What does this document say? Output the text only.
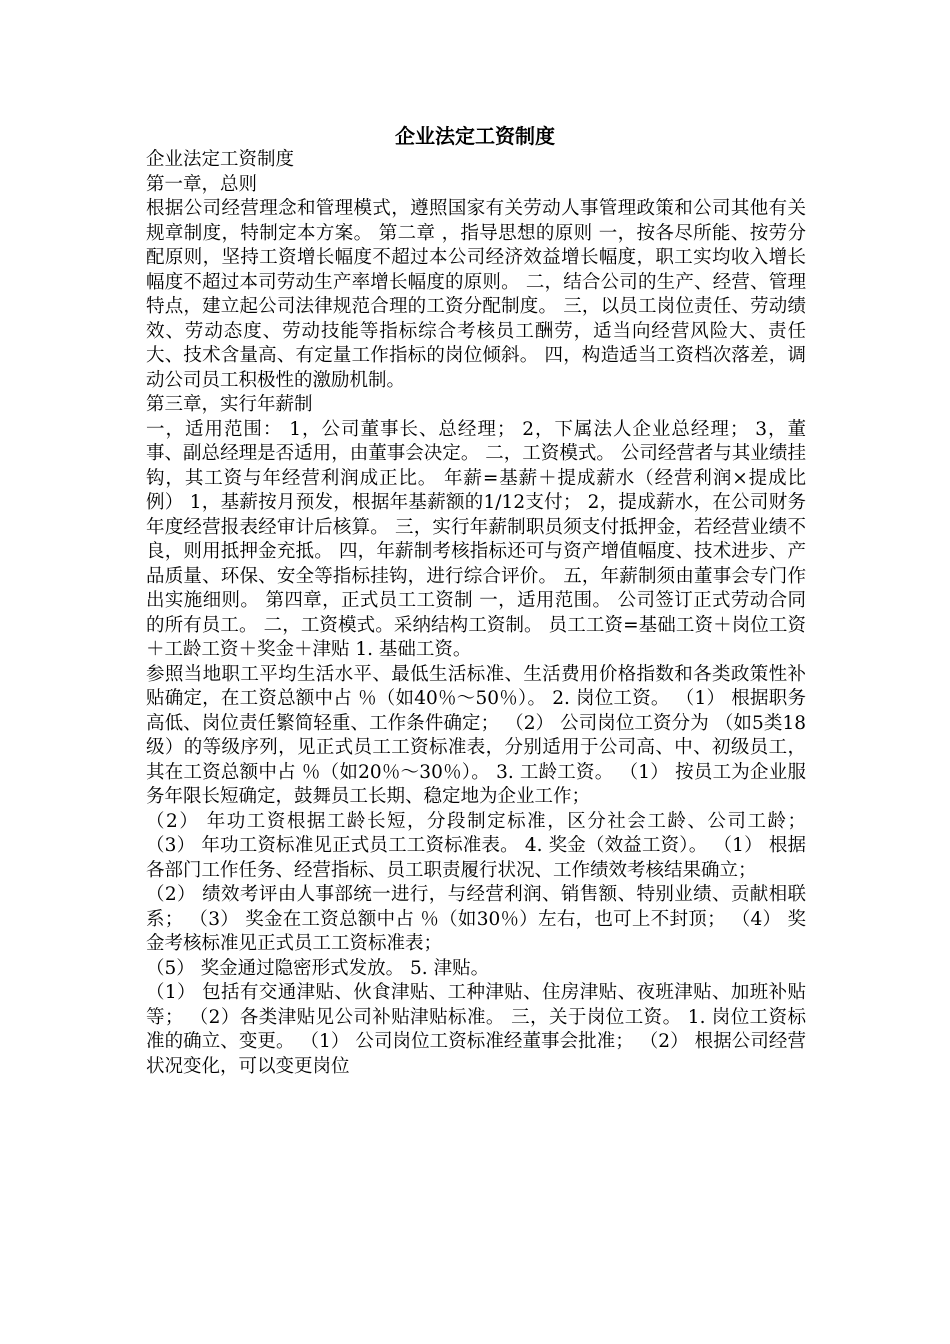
企业法定工资制度

企业法定工资制度

第一章，总则

根据公司经营理念和管理模式，遵照国家有关劳动人事管理政策和公司其他有关规章制度，特制定本方案。 第二章 ，指导思想的原则 一，按各尽所能、按劳分配原则，坚持工资增长幅度不超过本公司经济效益增长幅度，职工实均收入增长幅度不超过本司劳动生产率增长幅度的原则。 二，结合公司的生产、经营、管理特点，建立起公司法律规范合理的工资分配制度。 三，以员工岗位责任、劳动绩效、劳动态度、劳动技能等指标综合考核员工酬劳，适当向经营风险大、责任大、技术含量高、有定量工作指标的岗位倾斜。 四，构造适当工资档次落差，调动公司员工积极性的激励机制。

第三章，实行年薪制

一，适用范围： 1，公司董事长、总经理； 2，下属法人企业总经理； 3，董事、副总经理是否适用，由董事会决定。 二，工资模式。 公司经营者与其业绩挂钩，其工资与年经营利润成正比。 年薪=基薪＋提成薪水（经营利润×提成比例） 1，基薪按月预发，根据年基薪额的1/12支付； 2，提成薪水，在公司财务年度经营报表经审计后核算。 三，实行年薪制职员须支付抵押金，若经营业绩不良，则用抵押金充抵。 四，年薪制考核指标还可与资产增值幅度、技术进步、产品质量、环保、安全等指标挂钩，进行综合评价。 五，年薪制须由董事会专门作出实施细则。 第四章，正式员工工资制 一，适用范围。 公司签订正式劳动合同的所有员工。 二，工资模式。采纳结构工资制。 员工工资=基础工资＋岗位工资＋工龄工资＋奖金＋津贴 1. 基础工资。

参照当地职工平均生活水平、最低生活标准、生活费用价格指数和各类政策性补贴确定，在工资总额中占 ％（如40％～50％）。 2. 岗位工资。 （1） 根据职务高低、岗位责任繁简轻重、工作条件确定； （2） 公司岗位工资分为 （如5类18级）的等级序列，见正式员工工资标准表，分别适用于公司高、中、初级员工，其在工资总额中占 ％（如20％～30％）。 3. 工龄工资。 （1） 按员工为企业服务年限长短确定，鼓舞员工长期、稳定地为企业工作；

（2） 年功工资根据工龄长短，分段制定标准，区分社会工龄、公司工龄； （3） 年功工资标准见正式员工工资标准表。 4. 奖金（效益工资）。 （1） 根据各部门工作任务、经营指标、员工职责履行状况、工作绩效考核结果确立；

（2） 绩效考评由人事部统一进行，与经营利润、销售额、特别业绩、贡献相联系； （3） 奖金在工资总额中占 ％（如30％）左右，也可上不封顶； （4） 奖金考核标准见正式员工工资标准表；

（5） 奖金通过隐密形式发放。 5. 津贴。

（1） 包括有交通津贴、伙食津贴、工种津贴、住房津贴、夜班津贴、加班补贴等； （2）各类津贴见公司补贴津贴标准。 三，关于岗位工资。 1. 岗位工资标准的确立、变更。 （1） 公司岗位工资标准经董事会批准； （2） 根据公司经营状况变化，可以变更岗位
